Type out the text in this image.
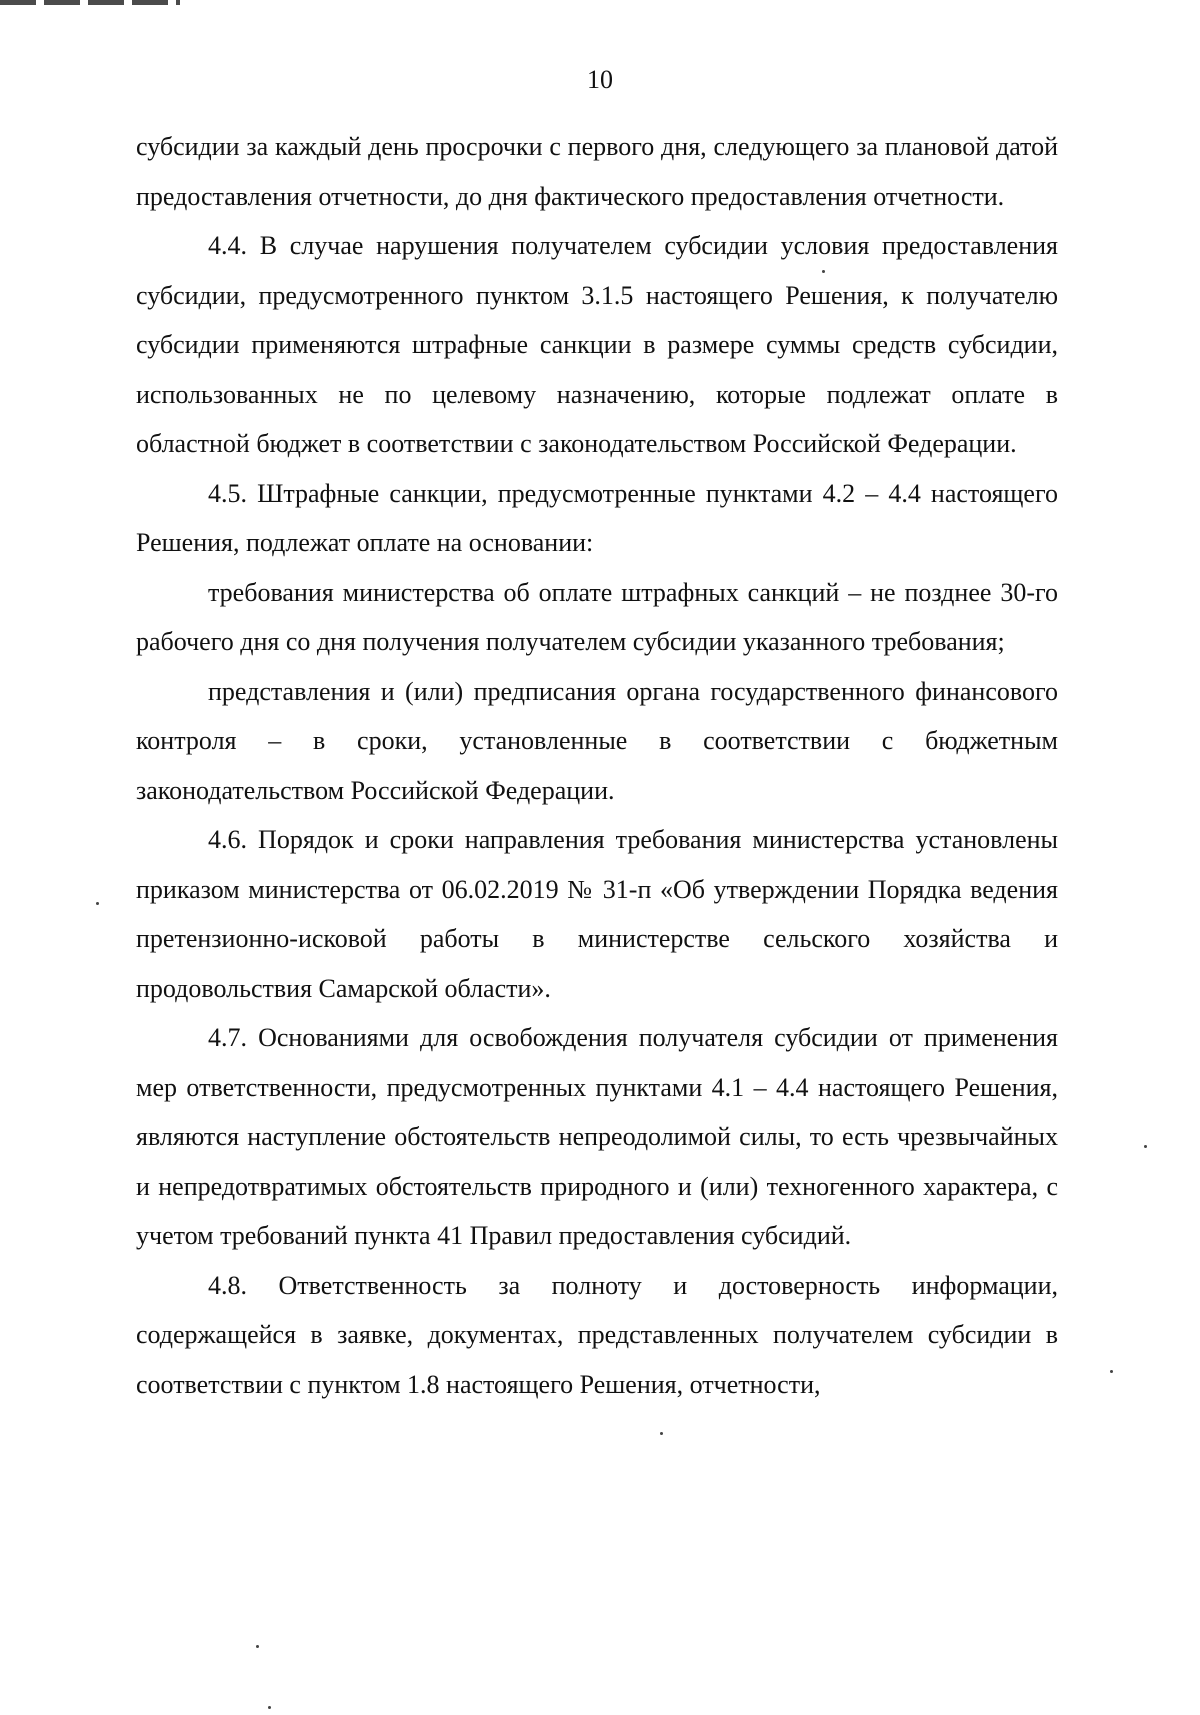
10

субсидии за каждый день просрочки с первого дня, следующего за плановой датой предоставления отчетности, до дня фактического предоставления отчетности.

4.4. В случае нарушения получателем субсидии условия предоставления субсидии, предусмотренного пунктом 3.1.5 настоящего Решения, к получателю субсидии применяются штрафные санкции в размере суммы средств субсидии, использованных не по целевому назначению, которые подлежат оплате в областной бюджет в соответствии с законодательством Российской Федерации.

4.5. Штрафные санкции, предусмотренные пунктами 4.2 – 4.4 настоящего Решения, подлежат оплате на основании:

требования министерства об оплате штрафных санкций – не позднее 30-го рабочего дня со дня получения получателем субсидии указанного требования;

представления и (или) предписания органа государственного финансового контроля – в сроки, установленные в соответствии с бюджетным законодательством Российской Федерации.

4.6. Порядок и сроки направления требования министерства установлены приказом министерства от 06.02.2019 № 31-п «Об утверждении Порядка ведения претензионно-исковой работы в министерстве сельского хозяйства и продовольствия Самарской области».

4.7. Основаниями для освобождения получателя субсидии от применения мер ответственности, предусмотренных пунктами 4.1 – 4.4 настоящего Решения, являются наступление обстоятельств непреодолимой силы, то есть чрезвычайных и непредотвратимых обстоятельств природного и (или) техногенного характера, с учетом требований пункта 41 Правил предоставления субсидий.

4.8. Ответственность за полноту и достоверность информации, содержащейся в заявке, документах, представленных получателем субсидии в соответствии с пунктом 1.8 настоящего Решения, отчетности,
